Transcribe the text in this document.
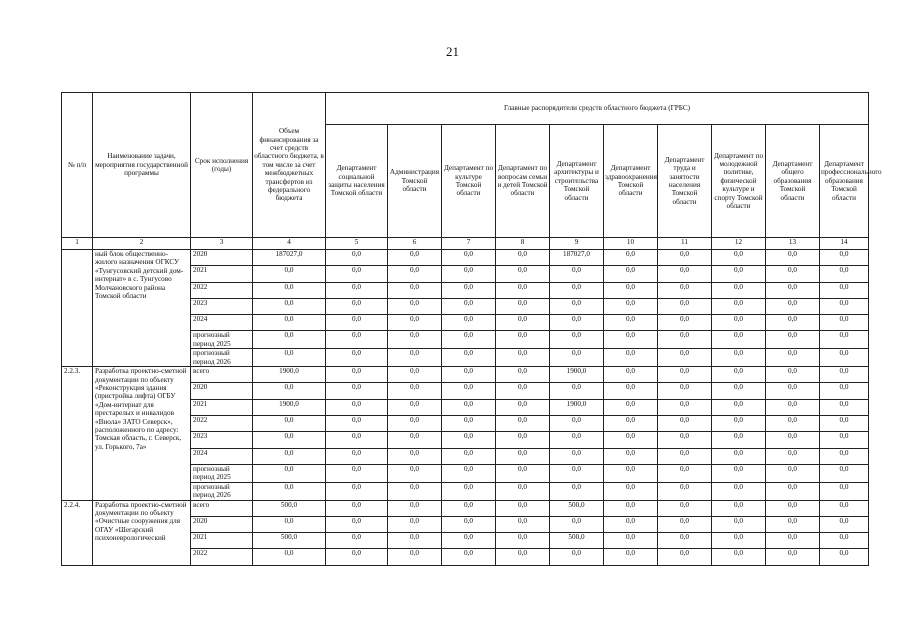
21
№ п/п	Наименование задачи, мероприятия государственной программы	Срок исполнения (годы)	Объем финансирования за счет средств областного бюджета, в том числе за счет межбюджетных трансфертов из федерального бюджета	Главные распорядители средств областного бюджета (ГРБС)									
				Департамент социальной защиты населения Томской области	Администрация Томской области	Департамент по культуре Томской области	Департамент по вопросам семьи и детей Томской области	Департамент архитектуры и строительства Томской области	Департамент здравоохранения Томской области	Департамент труда и занятости населения Томской области	Департамент по молодежной политике, физической культуре и спорту Томской области	Департамент общего образования Томской области	Департамент профессионального образования Томской области
1	2	3	4	5	6	7	8	9	10	11	12	13	14
	ный блок общественно-жилого назначения ОГКСУ «Тунгусовский детский дом-интернат» в с. Тунгусово Молчановского района Томской области	2020	187027,0	0,0	0,0	0,0	0,0	187027,0	0,0	0,0	0,0	0,0	0,0
		2021	0,0	0,0	0,0	0,0	0,0	0,0	0,0	0,0	0,0	0,0	0,0
		2022	0,0	0,0	0,0	0,0	0,0	0,0	0,0	0,0	0,0	0,0	0,0
		2023	0,0	0,0	0,0	0,0	0,0	0,0	0,0	0,0	0,0	0,0	0,0
		2024	0,0	0,0	0,0	0,0	0,0	0,0	0,0	0,0	0,0	0,0	0,0
		прогнозный период 2025	0,0	0,0	0,0	0,0	0,0	0,0	0,0	0,0	0,0	0,0	0,0
		прогнозный период 2026	0,0	0,0	0,0	0,0	0,0	0,0	0,0	0,0	0,0	0,0	0,0
2.2.3.	Разработка проектно-сметной документации по объекту «Реконструкция здания (пристройка лифта) ОГБУ «Дом-интернат для престарелых и инвалидов «Виола» ЗАТО Северск», расположенного по адресу: Томская область, г. Северск, ул. Горького, 7а»	всего	1900,0	0,0	0,0	0,0	0,0	1900,0	0,0	0,0	0,0	0,0	0,0
		2020	0,0	0,0	0,0	0,0	0,0	0,0	0,0	0,0	0,0	0,0	0,0
		2021	1900,0	0,0	0,0	0,0	0,0	1900,0	0,0	0,0	0,0	0,0	0,0
		2022	0,0	0,0	0,0	0,0	0,0	0,0	0,0	0,0	0,0	0,0	0,0
		2023	0,0	0,0	0,0	0,0	0,0	0,0	0,0	0,0	0,0	0,0	0,0
		2024	0,0	0,0	0,0	0,0	0,0	0,0	0,0	0,0	0,0	0,0	0,0
		прогнозный период 2025	0,0	0,0	0,0	0,0	0,0	0,0	0,0	0,0	0,0	0,0	0,0
		прогнозный период 2026	0,0	0,0	0,0	0,0	0,0	0,0	0,0	0,0	0,0	0,0	0,0
2.2.4.	Разработка проектно-сметной документации по объекту «Очистные сооружения для ОГАУ «Шегарский психоневрологический	всего	500,0	0,0	0,0	0,0	0,0	500,0	0,0	0,0	0,0	0,0	0,0
		2020	0,0	0,0	0,0	0,0	0,0	0,0	0,0	0,0	0,0	0,0	0,0
		2021	500,0	0,0	0,0	0,0	0,0	500,0	0,0	0,0	0,0	0,0	0,0
		2022	0,0	0,0	0,0	0,0	0,0	0,0	0,0	0,0	0,0	0,0	0,0
